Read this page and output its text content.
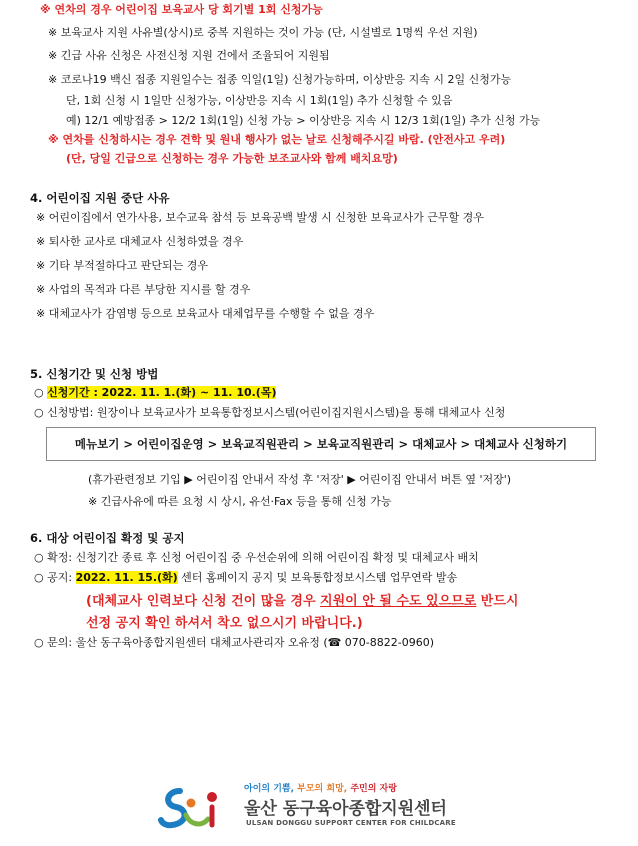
※ 연차의 경우 어린이집 보육교사 당 회기별 1회 신청가능
※ 보육교사 지원 사유별(상시)로 중복 지원하는 것이 가능 (단, 시설별로 1명씩 우선 지원)
※ 긴급 사유 신청은 사전신청 지원 건에서 조율되어 지원됨
※ 코로나19 백신 접종 지원일수는 접종 익일(1일) 신청가능하며, 이상반응 지속 시 2일 신청가능
단, 1회 신청 시 1일만 신청가능, 이상반응 지속 시 1회(1일) 추가 신청할 수 있음
예) 12/1 예방접종 > 12/2 1회(1일) 신청 가능 > 이상반응 지속 시 12/3 1회(1일) 추가 신청 가능
※ 연차를 신청하시는 경우 견학 및 원내 행사가 없는 날로 신청해주시길 바람. (안전사고 우려)
(단, 당일 긴급으로 신청하는 경우 가능한 보조교사와 함께 배치요망)
4. 어린이집 지원 중단 사유
※ 어린이집에서 연가사용, 보수교육 참석 등 보육공백 발생 시 신청한 보육교사가 근무할 경우
※ 퇴사한 교사로 대체교사 신청하였을 경우
※ 기타 부적절하다고 판단되는 경우
※ 사업의 목적과 다른 부당한 지시를 할 경우
※ 대체교사가 감염병 등으로 보육교사 대체업무를 수행할 수 없을 경우
5. 신청기간 및 신청 방법
○ 신청기간 : 2022. 11. 1.(화) ~ 11. 10.(목)
○ 신청방법: 원장이나 보육교사가 보육통합정보시스템(어린이집지원시스템)을 통해 대체교사 신청
메뉴보기 > 어린이집운영 > 보육교직원관리 > 보육교직원관리 > 대체교사 > 대체교사 신청하기
(휴가관련정보 기입 ▶ 어린이집 안내서 작성 후 '저장' ▶ 어린이집 안내서 버튼 옆 '저장')
※ 긴급사유에 따른 요청 시 상시, 유선·Fax 등을 통해 신청 가능
6. 대상 어린이집 확정 및 공지
○ 확정: 신청기간 종료 후 신청 어린이집 중 우선순위에 의해 어린이집 확정 및 대체교사 배치
○ 공지: 2022. 11. 15.(화) 센터 홈페이지 공지 및 보육통합정보시스템 업무연락 발송
(대체교사 인력보다 신청 건이 많을 경우 지원이 안 될 수도 있으므로 반드시
선정 공지 확인 하셔서 착오 없으시기 바랍니다.)
○ 문의: 울산 동구육아종합지원센터 대체교사관리자 오유정 (☎ 070-8822-0960)
아이의 기쁨, 부모의 희망, 주민의 자랑
울산 동구육아종합지원센터
ULSAN DONGGU SUPPORT CENTER FOR CHILDCARE
